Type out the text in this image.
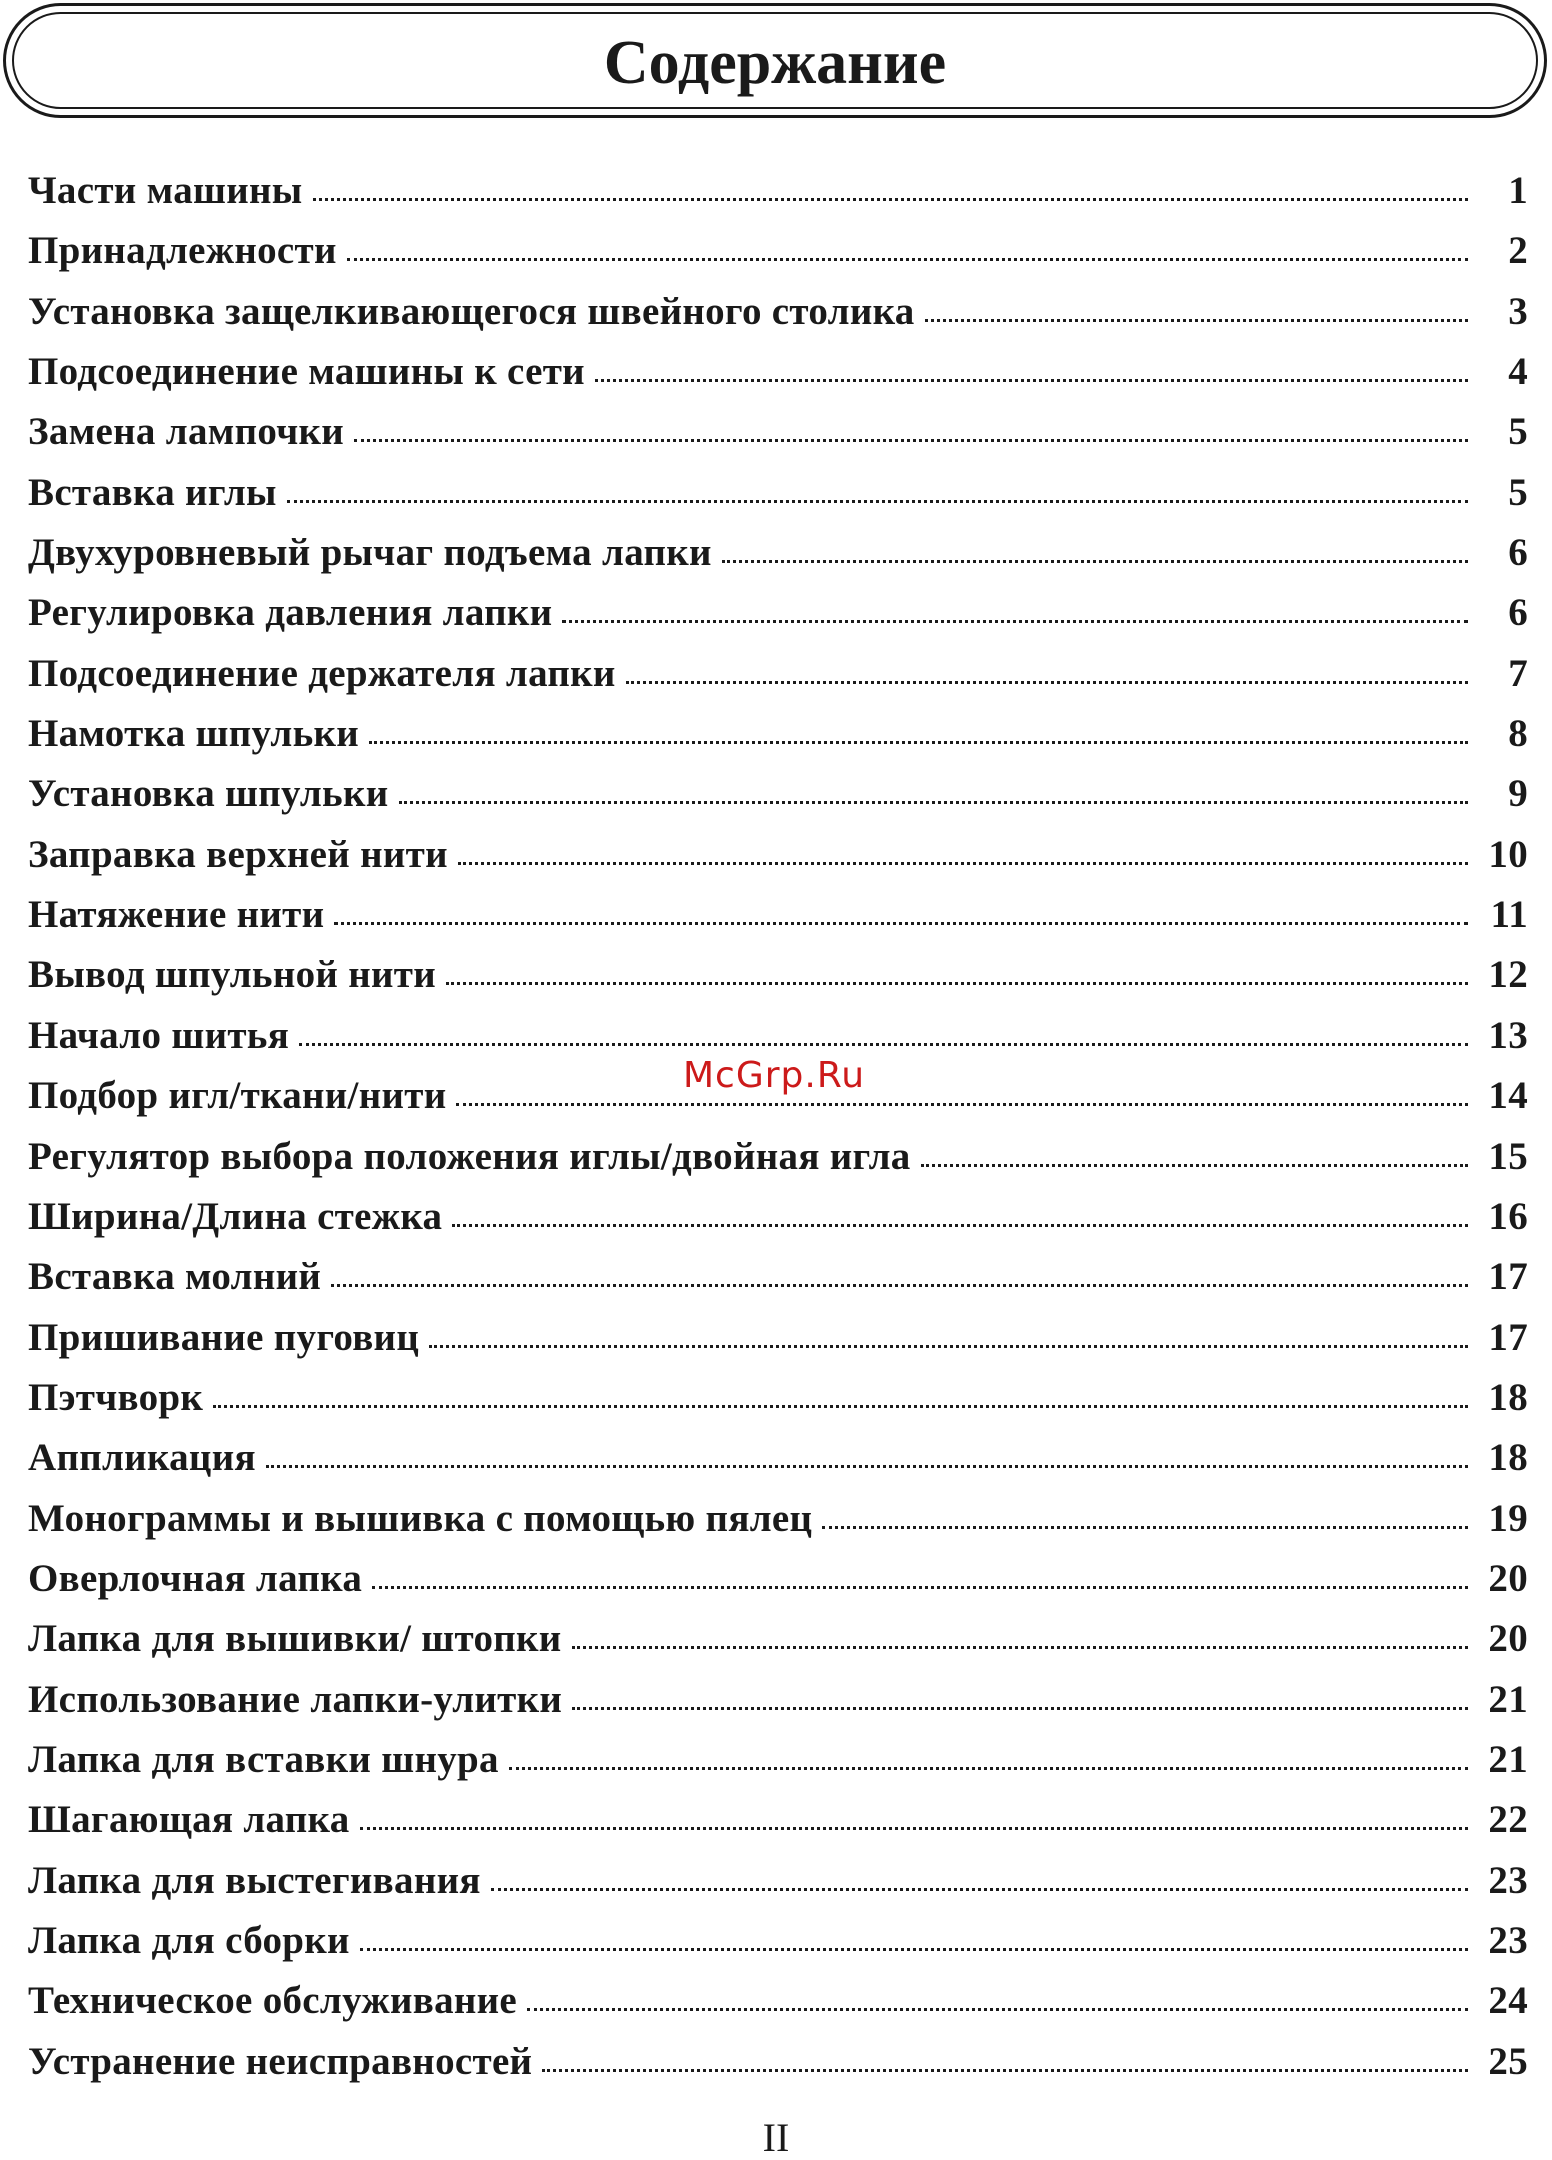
Содержание
Части машины	1
Принадлежности	2
Установка защелкивающегося швейного столика	3
Подсоединение машины к сети	4
Замена лампочки	5
Вставка иглы	5
Двухуровневый рычаг подъема лапки	6
Регулировка давления лапки	6
Подсоединение держателя лапки	7
Намотка шпульки	8
Установка шпульки	9
Заправка верхней нити	10
Натяжение нити	11
Вывод шпульной нити	12
Начало шитья	13
Подбор игл/ткани/нити	14
Регулятор выбора положения иглы/двойная игла	15
Ширина/Длина стежка	16
Вставка молний	17
Пришивание пуговиц	17
Пэтчворк	18
Аппликация	18
Монограммы и вышивка с помощью пялец	19
Оверлочная лапка	20
Лапка для вышивки/ штопки	20
Использование лапки-улитки	21
Лапка для вставки шнура	21
Шагающая лапка	22
Лапка для выстегивания	23
Лапка для сборки	23
Техническое обслуживание	24
Устранение неисправностей	25
McGrp.Ru
II
